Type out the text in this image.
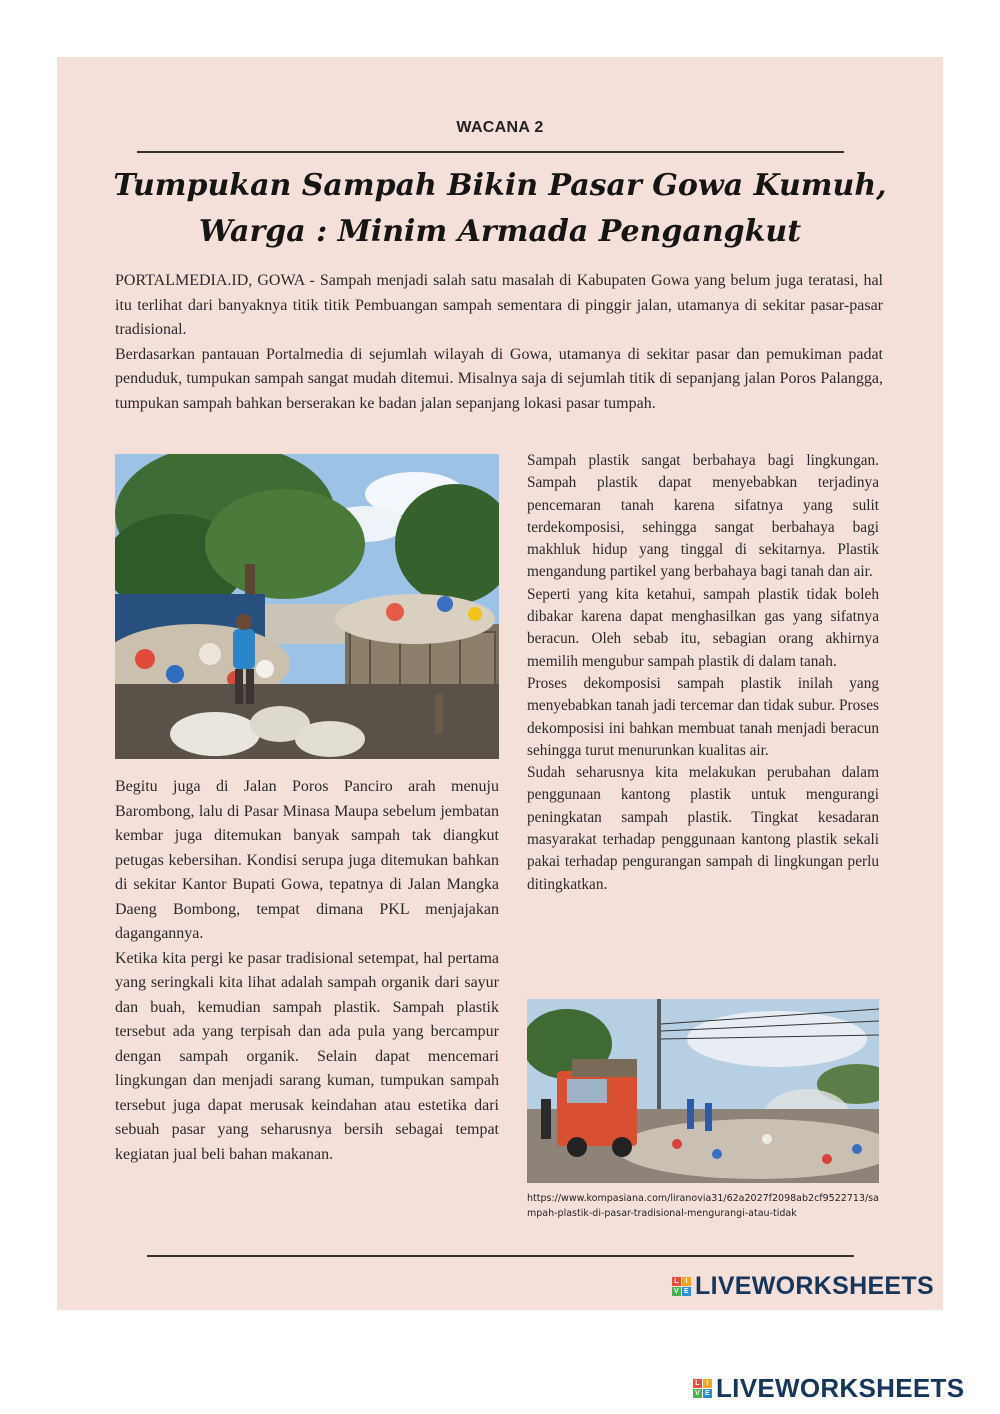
WACANA 2
Tumpukan Sampah Bikin Pasar Gowa Kumuh,
Warga : Minim Armada Pengangkut

PORTALMEDIA.ID, GOWA - Sampah menjadi salah satu masalah di Kabupaten Gowa yang belum juga teratasi, hal itu terlihat dari banyaknya titik titik Pembuangan sampah sementara di pinggir jalan, utamanya di sekitar pasar-pasar tradisional.

Berdasarkan pantauan Portalmedia di sejumlah wilayah di Gowa, utamanya di sekitar pasar dan pemukiman padat penduduk, tumpukan sampah sangat mudah ditemui. Misalnya saja di sejumlah titik di sepanjang jalan Poros Palangga, tumpukan sampah bahkan berserakan ke badan jalan sepanjang lokasi pasar tumpah.

Begitu juga di Jalan Poros Panciro arah menuju Barombong, lalu di Pasar Minasa Maupa sebelum jembatan kembar juga ditemukan banyak sampah tak diangkut petugas kebersihan. Kondisi serupa juga ditemukan bahkan di sekitar Kantor Bupati Gowa, tepatnya di Jalan Mangka Daeng Bombong, tempat dimana PKL menjajakan dagangannya.

Ketika kita pergi ke pasar tradisional setempat, hal pertama yang seringkali kita lihat adalah sampah organik dari sayur dan buah, kemudian sampah plastik. Sampah plastik tersebut ada yang terpisah dan ada pula yang bercampur dengan sampah organik. Selain dapat mencemari lingkungan dan menjadi sarang kuman, tumpukan sampah tersebut juga dapat merusak keindahan atau estetika dari sebuah pasar yang seharusnya bersih sebagai tempat kegiatan jual beli bahan makanan.

Sampah plastik sangat berbahaya bagi lingkungan. Sampah plastik dapat menyebabkan terjadinya pencemaran tanah karena sifatnya yang sulit terdekomposisi, sehingga sangat berbahaya bagi makhluk hidup yang tinggal di sekitarnya. Plastik mengandung partikel yang berbahaya bagi tanah dan air.

Seperti yang kita ketahui, sampah plastik tidak boleh dibakar karena dapat menghasilkan gas yang sifatnya beracun. Oleh sebab itu, sebagian orang akhirnya memilih mengubur sampah plastik di dalam tanah.

Proses dekomposisi sampah plastik inilah yang menyebabkan tanah jadi tercemar dan tidak subur. Proses dekomposisi ini bahkan membuat tanah menjadi beracun sehingga turut menurunkan kualitas air.

Sudah seharusnya kita melakukan perubahan dalam penggunaan kantong plastik untuk mengurangi peningkatan sampah plastik. Tingkat kesadaran masyarakat terhadap penggunaan kantong plastik sekali pakai terhadap pengurangan sampah di lingkungan perlu ditingkatkan.

https://www.kompasiana.com/liranovia31/62a2027f2098ab2cf9522713/sampah-plastik-di-pasar-tradisional-mengurangi-atau-tidak
L I
V E LIVEWORKSHEETS
L I
V E LIVEWORKSHEETS
